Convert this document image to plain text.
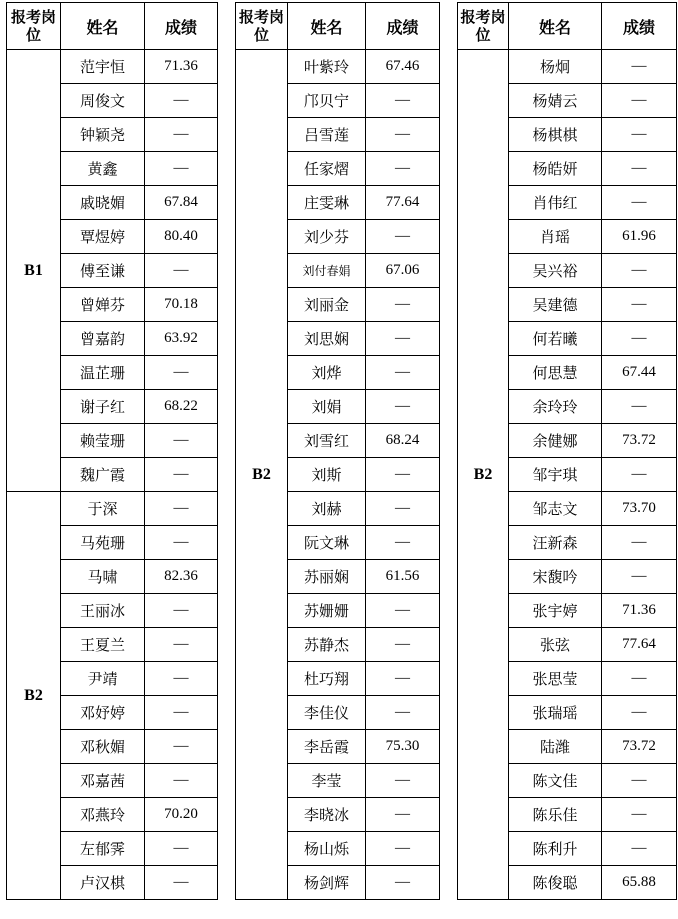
报考岗位	姓名	成绩
B1	范宇恒	71.36
	周俊文	—
	钟颖尧	—
	黄鑫	—
	戚晓媚	67.84
	覃煜婷	80.40
	傅至谦	—
	曾婵芬	70.18
	曾嘉韵	63.92
	温芷珊	—
	谢子红	68.22
	赖莹珊	—
	魏广霞	—
B2	于深	—
	马苑珊	—
	马啸	82.36
	王丽冰	—
	王夏兰	—
	尹靖	—
	邓妤婷	—
	邓秋媚	—
	邓嘉茜	—
	邓燕玲	70.20
	左郁霁	—
	卢汉棋	—
报考岗位	姓名	成绩
B2	叶紫玲	67.46
	邝贝宁	—
	吕雪莲	—
	任家熠	—
	庄雯琳	77.64
	刘少芬	—
	刘付春娟	67.06
	刘丽金	—
	刘思娴	—
	刘烨	—
	刘娟	—
	刘雪红	68.24
	刘斯	—
	刘赫	—
	阮文琳	—
	苏丽娴	61.56
	苏姗姗	—
	苏静杰	—
	杜巧翔	—
	李佳仪	—
	李岳霞	75.30
	李莹	—
	李晓冰	—
	杨山烁	—
	杨剑辉	—
报考岗位	姓名	成绩
B2	杨炯	—
	杨婧云	—
	杨棋棋	—
	杨皓妍	—
	肖伟红	—
	肖瑶	61.96
	吴兴裕	—
	吴建德	—
	何若曦	—
	何思慧	67.44
	余玲玲	—
	余健娜	73.72
	邹宇琪	—
	邹志文	73.70
	汪新森	—
	宋馥吟	—
	张宇婷	71.36
	张弦	77.64
	张思莹	—
	张瑞瑶	—
	陆潍	73.72
	陈文佳	—
	陈乐佳	—
	陈利升	—
	陈俊聪	65.88
